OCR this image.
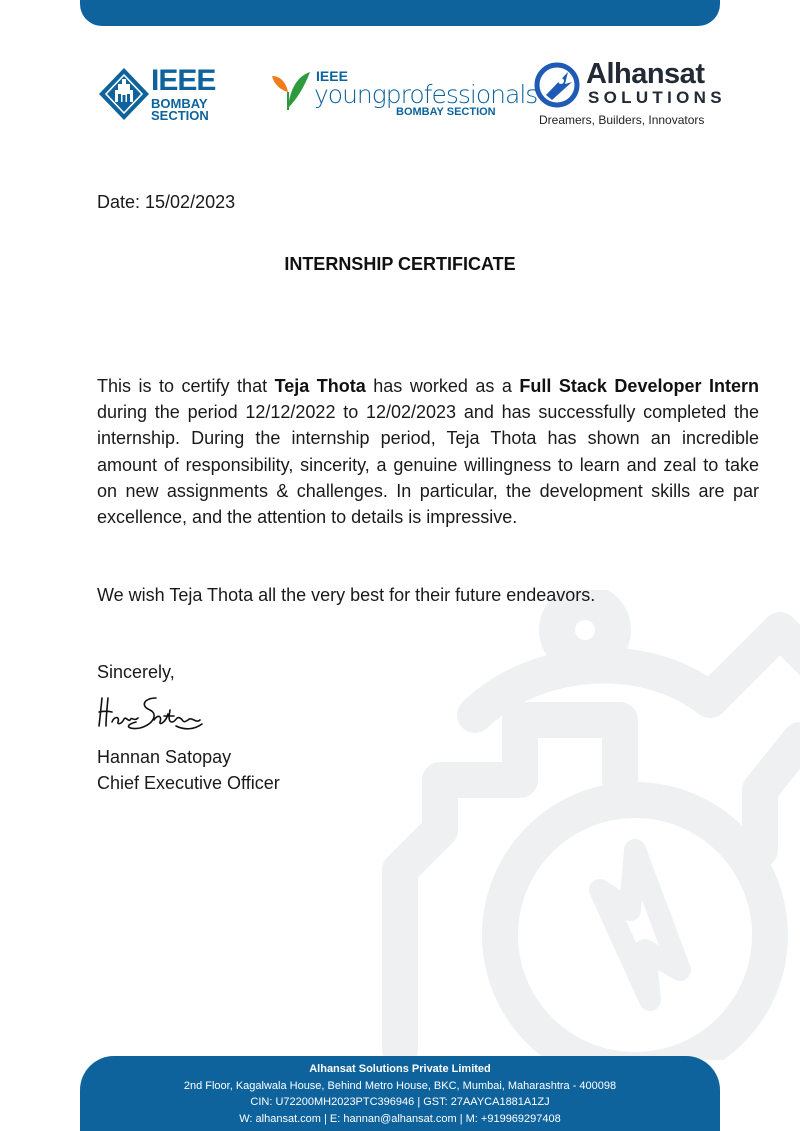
IEEE
BOMBAY
SECTION
IEEE
youngprofessionals
BOMBAY SECTION
Alhansat
SOLUTIONS
Dreamers, Builders, Innovators
Date: 15/02/2023
INTERNSHIP CERTIFICATE

This is to certify that Teja Thota has worked as a Full Stack Developer Intern during the period 12/12/2022 to 12/02/2023 and has successfully completed the internship. During the internship period, Teja Thota has shown an incredible amount of responsibility, sincerity, a genuine willingness to learn and zeal to take on new assignments & challenges. In particular, the development skills are par excellence, and the attention to details is impressive.

We wish Teja Thota all the very best for their future endeavors.
Sincerely,
Hannan Satopay
Chief Executive Officer
Alhansat Solutions Private Limited
2nd Floor, Kagalwala House, Behind Metro House, BKC, Mumbai, Maharashtra - 400098
CIN: U72200MH2023PTC396946 | GST: 27AAYCA1881A1ZJ
W: alhansat.com | E: hannan@alhansat.com | M: +919969297408
